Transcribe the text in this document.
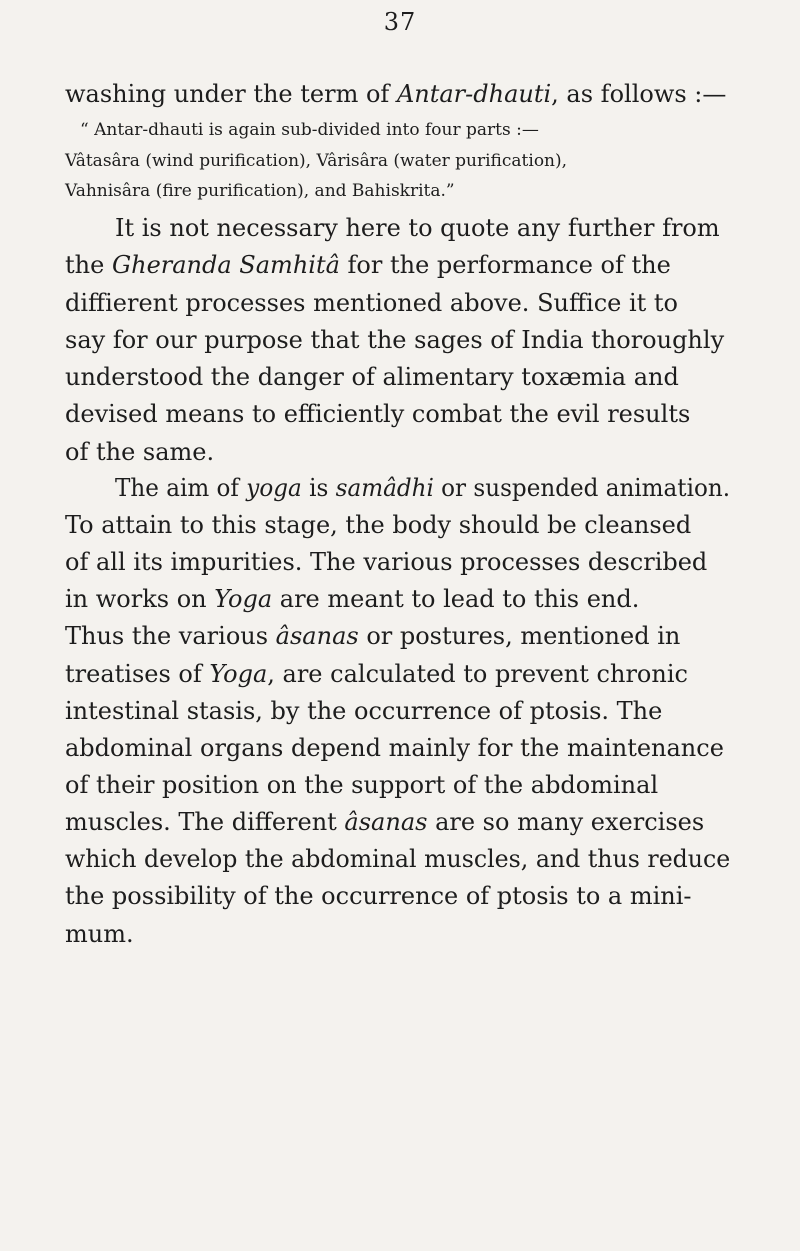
37
washing under the term of Antar-dhauti, as follows :—
“ Antar-dhauti is again sub-divided into four parts :—
Vâtasâra (wind purification), Vârisâra (water purification),
Vahnisâra (fire purification), and Bahiskrita.”
It is not necessary here to quote any further from
the Gheranda Samhitâ for the performance of the
diffierent processes mentioned above. Suffice it to
say for our purpose that the sages of India thoroughly
understood the danger of alimentary toxæmia and
devised means to efficiently combat the evil results
of the same.
The aim of yoga is samâdhi or suspended animation.
To attain to this stage, the body should be cleansed
of all its impurities. The various processes described
in works on Yoga are meant to lead to this end.
Thus the various âsanas or postures, mentioned in
treatises of Yoga, are calculated to prevent chronic
intestinal stasis, by the occurrence of ptosis. The
abdominal organs depend mainly for the maintenance
of their position on the support of the abdominal
muscles. The different âsanas are so many exercises
which develop the abdominal muscles, and thus reduce
the possibility of the occurrence of ptosis to a mini-
mum.
